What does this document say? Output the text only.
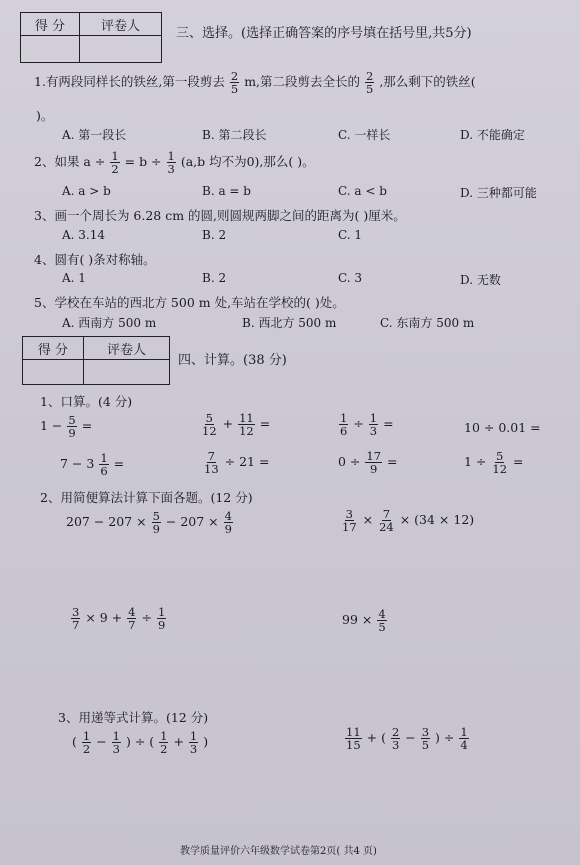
得 分	评卷人
		三、选择。(选择正确答案的序号填在括号里,共5分)
1.有两段同样长的铁丝,第一段剪去 $\frac{2}{5} m$,第二段剪去全长的 $\frac{2}{5}$ ,那么剩下的铁丝(
)。
A. 第一段长	B. 第二段长	C. 一样长	D. 不能确定
2、如果 $a \div \frac{1}{2} = b \div \frac{1}{3} (a,b$ 均不为0),那么( )。
A. a > b	B. a = b	C. a < b	D. 三种都可能
3、画一个周长为 6.28 cm 的圆,则圆规两脚之间的距离为( )厘米。
A. 3.14	B. 2	C. 1
4、圆有( )条对称轴。
A. 1	B. 2	C. 3	D. 无数
5、学校在车站的西北方 500 m 处,车站在学校的( )处。
A. 西南方 500 m	B. 西北方 500 m	C. 东南方 500 m
得 分	评卷人

四、计算。(38 分)
1、口算。(4 分)
$1 - \frac{5}{9}$ =	$\frac{5}{12} + \frac{11}{12}$ =	$\frac{1}{6} \div \frac{1}{3}$ =	10 ÷ 0.01 =
$7 - 3 \frac{1}{6}$ =	$\frac{7}{13} \div 21$ =	$0 \div \frac{17}{9}$ =	$1 \div \frac{5}{12}$ =
2、用简便算法计算下面各题。(12 分)
$207 - 207 \times \frac{5}{9} - 207 \times \frac{4}{9}$	$\frac{3}{17} \times \frac{7}{24} \times (34 \times 12)$
$\frac{3}{7} \times 9 + \frac{4}{7} \div \frac{1}{9}$	$99 \times \frac{4}{5}$
3、用递等式计算。(12 分)
( $\frac{1}{2} - \frac{1}{3}$ ) ÷ ( $\frac{1}{2} + \frac{1}{3}$ )	$\frac{11}{15}$ + ( $\frac{2}{3} - \frac{3}{5}$ ) ÷ $\frac{1}{4}$
教学质量评价六年级数学试卷第2页( 共4 页)
